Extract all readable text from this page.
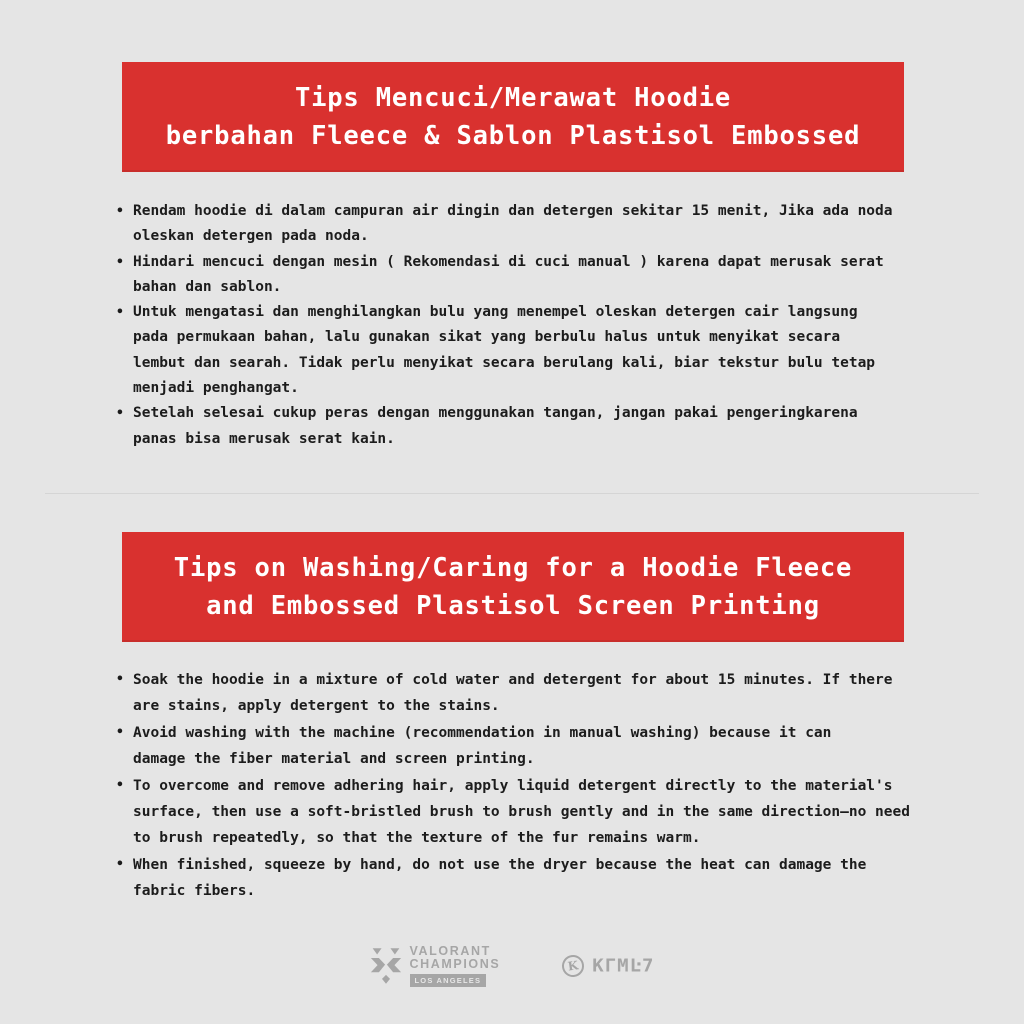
Tips Mencuci/Merawat Hoodie
berbahan Fleece & Sablon Plastisol Embossed
• Rendam hoodie di dalam campuran air dingin dan detergen sekitar 15 menit, Jika ada noda
oleskan detergen pada noda.
• Hindari mencuci dengan mesin ( Rekomendasi di cuci manual ) karena dapat merusak serat
bahan dan sablon.
• Untuk mengatasi dan menghilangkan bulu yang menempel oleskan detergen cair langsung
pada permukaan bahan, lalu gunakan sikat yang berbulu halus untuk menyikat secara
lembut dan searah. Tidak perlu menyikat secara berulang kali, biar tekstur bulu tetap
menjadi penghangat.
• Setelah selesai cukup peras dengan menggunakan tangan, jangan pakai pengeringkarena
panas bisa merusak serat kain.
Tips on Washing/Caring for a Hoodie Fleece
and Embossed Plastisol Screen Printing
• Soak the hoodie in a mixture of cold water and detergent for about 15 minutes. If there
are stains, apply detergent to the stains.
• Avoid washing with the machine (recommendation in manual washing) because it can
damage the fiber material and screen printing.
• To overcome and remove adhering hair, apply liquid detergent directly to the material's
surface, then use a soft-bristled brush to brush gently and in the same direction—no need
to brush repeatedly, so that the texture of the fur remains warm.
• When finished, squeeze by hand, do not use the dryer because the heat can damage the
fabric fibers.
VALORANT
CHAMPIONS
LOS ANGELES
K KΓMĿ7
